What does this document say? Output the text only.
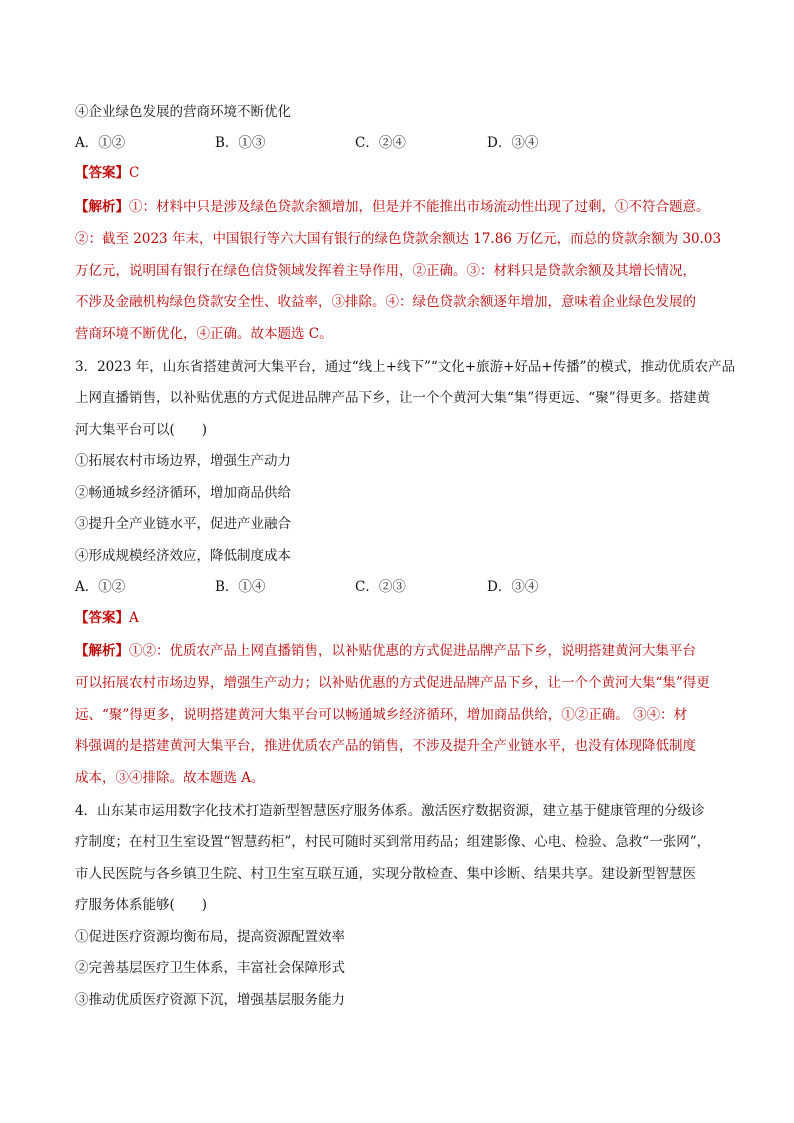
④企业绿色发展的营商环境不断优化
A．①②	B．①③	C．②④	D．③④
【答案】C
【解析】①：材料中只是涉及绿色贷款余额增加，但是并不能推出市场流动性出现了过剩，①不符合题意。
②：截至 2023 年末，中国银行等六大国有银行的绿色贷款余额达 17.86 万亿元，而总的贷款余额为 30.03
万亿元，说明国有银行在绿色信贷领域发挥着主导作用，②正确。③：材料只是贷款余额及其增长情况，
不涉及金融机构绿色贷款安全性、收益率，③排除。④：绿色贷款余额逐年增加，意味着企业绿色发展的
营商环境不断优化，④正确。故本题选 C。
3．2023 年，山东省搭建黄河大集平台，通过“线上+线下”“文化+旅游+好品+传播”的模式，推动优质农产品
上网直播销售，以补贴优惠的方式促进品牌产品下乡，让一个个黄河大集“集”得更远、“聚”得更多。搭建黄
河大集平台可以(　　)
①拓展农村市场边界，增强生产动力
②畅通城乡经济循环，增加商品供给
③提升全产业链水平，促进产业融合
④形成规模经济效应，降低制度成本
A．①②	B．①④	C．②③	D．③④
【答案】A
【解析】①②：优质农产品上网直播销售，以补贴优惠的方式促进品牌产品下乡，说明搭建黄河大集平台
可以拓展农村市场边界，增强生产动力；以补贴优惠的方式促进品牌产品下乡，让一个个黄河大集“集”得更
远、“聚”得更多，说明搭建黄河大集平台可以畅通城乡经济循环，增加商品供给，①②正确。 ③④：材
料强调的是搭建黄河大集平台，推进优质农产品的销售，不涉及提升全产业链水平，也没有体现降低制度
成本，③④排除。故本题选 A。
4．山东某市运用数字化技术打造新型智慧医疗服务体系。激活医疗数据资源，建立基于健康管理的分级诊
疗制度；在村卫生室设置“智慧药柜”，村民可随时买到常用药品；组建影像、心电、检验、急救“一张网”，
市人民医院与各乡镇卫生院、村卫生室互联互通，实现分散检查、集中诊断、结果共享。建设新型智慧医
疗服务体系能够(　　)
①促进医疗资源均衡布局，提高资源配置效率
②完善基层医疗卫生体系，丰富社会保障形式
③推动优质医疗资源下沉，增强基层服务能力
